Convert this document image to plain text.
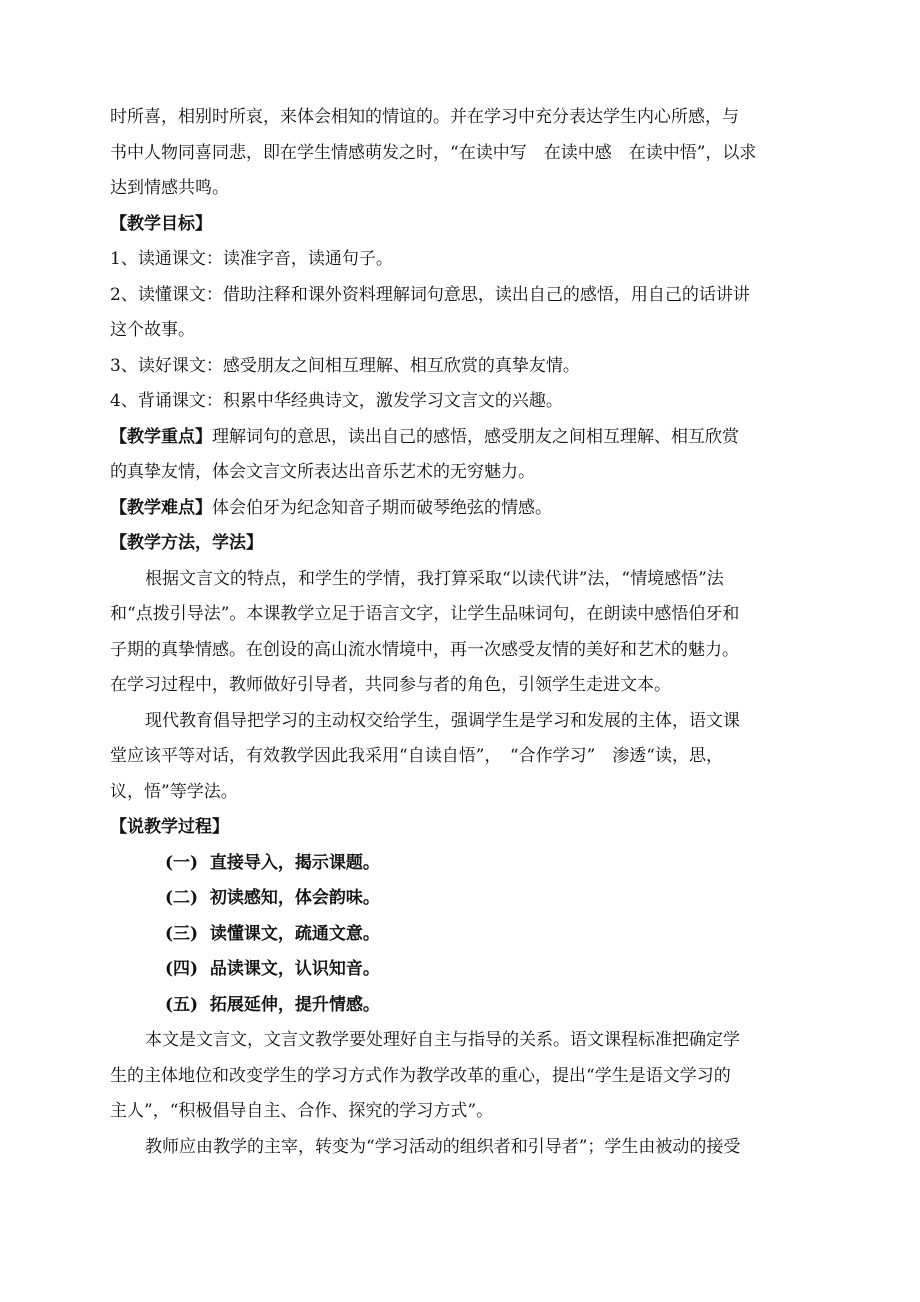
时所喜，相别时所哀，来体会相知的情谊的。并在学习中充分表达学生内心所感，与
书中人物同喜同悲，即在学生情感萌发之时，“在读中写　在读中感　在读中悟”，以求
达到情感共鸣。
【教学目标】
1、读通课文：读准字音，读通句子。
2、读懂课文：借助注释和课外资料理解词句意思，读出自己的感悟，用自己的话讲讲
这个故事。
3、读好课文：感受朋友之间相互理解、相互欣赏的真挚友情。
4、背诵课文：积累中华经典诗文，激发学习文言文的兴趣。
【教学重点】理解词句的意思，读出自己的感悟，感受朋友之间相互理解、相互欣赏
的真挚友情，体会文言文所表达出音乐艺术的无穷魅力。
【教学难点】体会伯牙为纪念知音子期而破琴绝弦的情感。
【教学方法，学法】
根据文言文的特点，和学生的学情，我打算采取“以读代讲”法，“情境感悟”法
和“点拨引导法”。本课教学立足于语言文字，让学生品味词句，在朗读中感悟伯牙和
子期的真挚情感。在创设的高山流水情境中，再一次感受友情的美好和艺术的魅力。
在学习过程中，教师做好引导者，共同参与者的角色，引领学生走进文本。
现代教育倡导把学习的主动权交给学生，强调学生是学习和发展的主体，语文课
堂应该平等对话，有效教学因此我采用“自读自悟”，　“合作学习”　渗透“读，思，
议，悟”等学法。
【说教学过程】
(一)  直接导入，揭示课题。
(二)  初读感知，体会韵味。
(三)  读懂课文，疏通文意。
(四)  品读课文，认识知音。
(五)  拓展延伸，提升情感。
本文是文言文，文言文教学要处理好自主与指导的关系。语文课程标准把确定学
生的主体地位和改变学生的学习方式作为教学改革的重心，提出“学生是语文学习的
主人”，“积极倡导自主、合作、探究的学习方式”。
教师应由教学的主宰，转变为“学习活动的组织者和引导者”；学生由被动的接受
